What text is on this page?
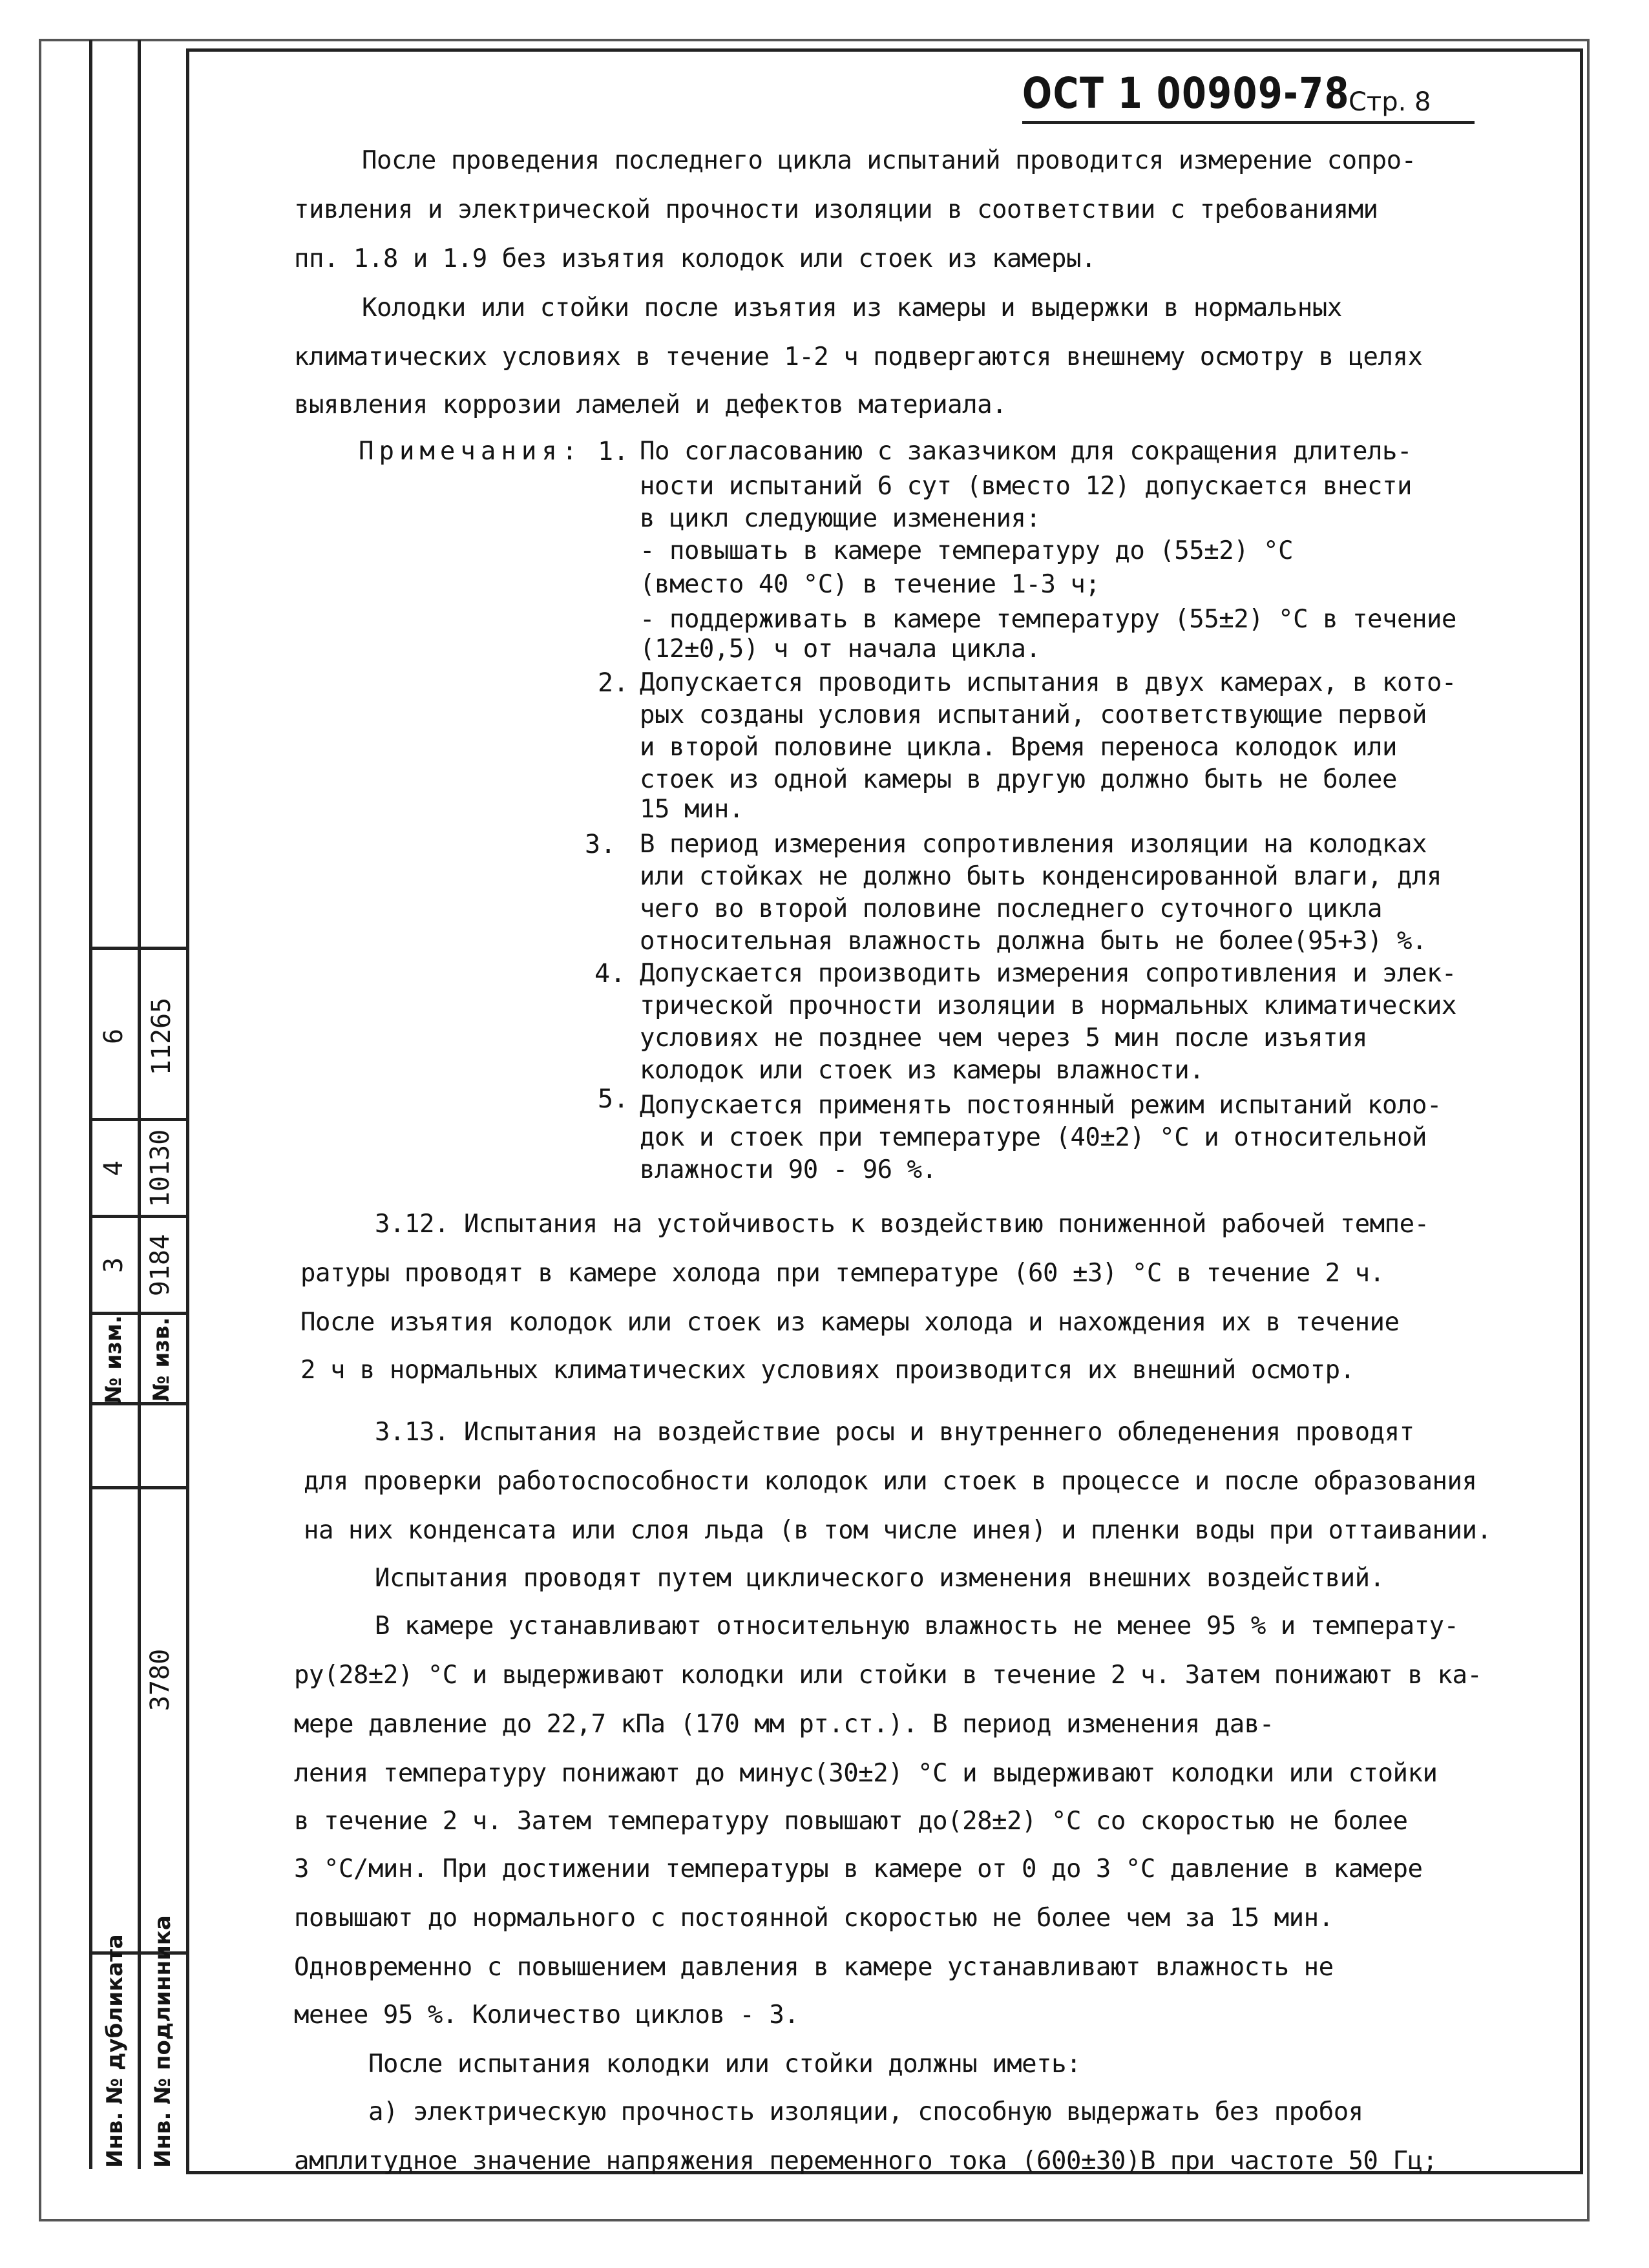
6 11265
4 10130
3 9184
№ изм. № изв.
3780
Инв. № дубликата Инв. № подлинника
ОСТ 1 00909-78
Стр. 8
После проведения последнего цикла испытаний проводится измерение сопро-
тивления и электрической прочности изоляции в соответствии с требованиями
пп. 1.8 и 1.9 без изъятия колодок или стоек из камеры.
Колодки или стойки после изъятия из камеры и выдержки в нормальных
климатических условиях в течение 1-2 ч подвергаются внешнему осмотру в целях
выявления коррозии ламелей и дефектов материала.
Примечания: 1. По согласованию с заказчиком для сокращения длитель-
ности испытаний 6 сут (вместо 12) допускается внести
в цикл следующие изменения:
- повышать в камере температуру до (55±2) °С
(вместо 40 °С) в течение 1-3 ч;
- поддерживать в камере температуру (55±2) °С в течение
(12±0,5) ч от начала цикла.
2. Допускается проводить испытания в двух камерах, в кото-
рых созданы условия испытаний, соответствующие первой
и второй половине цикла. Время переноса колодок или
стоек из одной камеры в другую должно быть не более
15 мин.
3. В период измерения сопротивления изоляции на колодках
или стойках не должно быть конденсированной влаги, для
чего во второй половине последнего суточного цикла
относительная влажность должна быть не более(95+3) %.
4. Допускается производить измерения сопротивления и элек-
трической прочности изоляции в нормальных климатических
условиях не позднее чем через 5 мин после изъятия
колодок или стоек из камеры влажности.
5. Допускается применять постоянный режим испытаний коло-
док и стоек при температуре (40±2) °С и относительной
влажности 90 - 96 %.
3.12. Испытания на устойчивость к воздействию пониженной рабочей темпе-
ратуры проводят в камере холода при температуре (60 ±3) °С в течение 2 ч.
После изъятия колодок или стоек из камеры холода и нахождения их в течение
2 ч в нормальных климатических условиях производится их внешний осмотр.
3.13. Испытания на воздействие росы и внутреннего обледенения проводят
для проверки работоспособности колодок или стоек в процессе и после образования
на них конденсата или слоя льда (в том числе инея) и пленки воды при оттаивании.
Испытания проводят путем циклического изменения внешних воздействий.
В камере устанавливают относительную влажность не менее 95 % и температу-
ру(28±2) °С и выдерживают колодки или стойки в течение 2 ч. Затем понижают в ка-
мере давление до 22,7 кПа (170 мм рт.ст.). В период изменения дав-
ления температуру понижают до минус(30±2) °С и выдерживают колодки или стойки
в течение 2 ч. Затем температуру повышают до(28±2) °С со скоростью не более
3 °С/мин. При достижении температуры в камере от 0 до 3 °С давление в камере
повышают до нормального с постоянной скоростью не более чем за 15 мин.
Одновременно с повышением давления в камере устанавливают влажность не
менее 95 %. Количество циклов - 3.
После испытания колодки или стойки должны иметь:
а) электрическую прочность изоляции, способную выдержать без пробоя
амплитудное значение напряжения переменного тока (600±30)В при частоте 50 Гц;
